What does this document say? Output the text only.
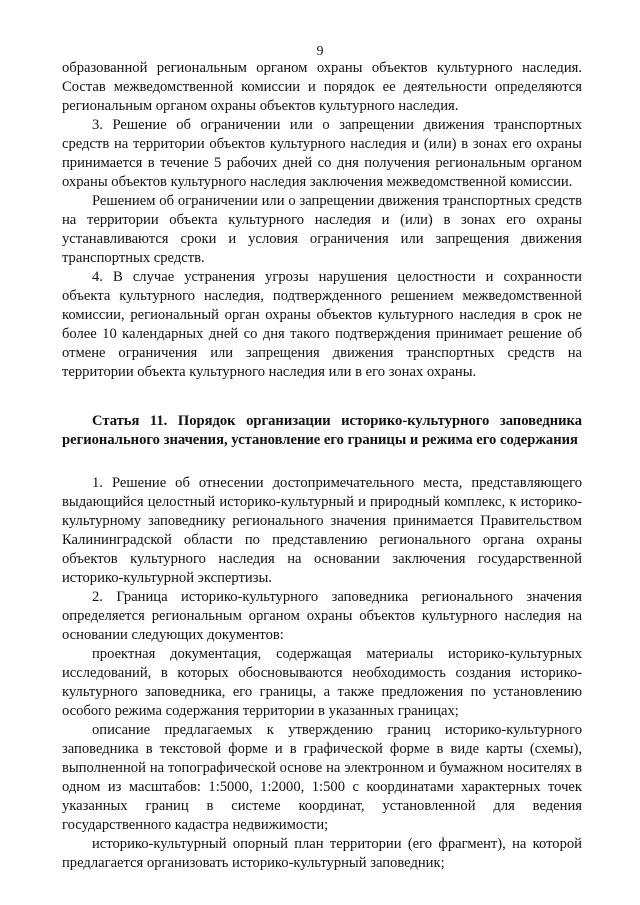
9

образованной региональным органом охраны объектов культурного наследия. Состав межведомственной комиссии и порядок ее деятельности определяются региональным органом охраны объектов культурного наследия.

3. Решение об ограничении или о запрещении движения транспортных средств на территории объектов культурного наследия и (или) в зонах его охраны принимается в течение 5 рабочих дней со дня получения региональным органом охраны объектов культурного наследия заключения межведомственной комиссии.

Решением об ограничении или о запрещении движения транспортных средств на территории объекта культурного наследия и (или) в зонах его охраны устанавливаются сроки и условия ограничения или запрещения движения транспортных средств.

4. В случае устранения угрозы нарушения целостности и сохранности объекта культурного наследия, подтвержденного решением межведомственной комиссии, региональный орган охраны объектов культурного наследия в срок не более 10 календарных дней со дня такого подтверждения принимает решение об отмене ограничения или запрещения движения транспортных средств на территории объекта культурного наследия или в его зонах охраны.

Статья 11. Порядок организации историко-культурного заповедника регионального значения, установление его границы и режима его содержания

1. Решение об отнесении достопримечательного места, представляющего выдающийся целостный историко-культурный и природный комплекс, к историко-культурному заповеднику регионального значения принимается Правительством Калининградской области по представлению регионального органа охраны объектов культурного наследия на основании заключения государственной историко-культурной экспертизы.

2. Граница историко-культурного заповедника регионального значения определяется региональным органом охраны объектов культурного наследия на основании следующих документов:

проектная документация, содержащая материалы историко-культурных исследований, в которых обосновываются необходимость создания историко-культурного заповедника, его границы, а также предложения по установлению особого режима содержания территории в указанных границах;

описание предлагаемых к утверждению границ историко-культурного заповедника в текстовой форме и в графической форме в виде карты (схемы), выполненной на топографической основе на электронном и бумажном носителях в одном из масштабов: 1:5000, 1:2000, 1:500 с координатами характерных точек указанных границ в системе координат, установленной для ведения государственного кадастра недвижимости;

историко-культурный опорный план территории (его фрагмент), на которой предлагается организовать историко-культурный заповедник;
